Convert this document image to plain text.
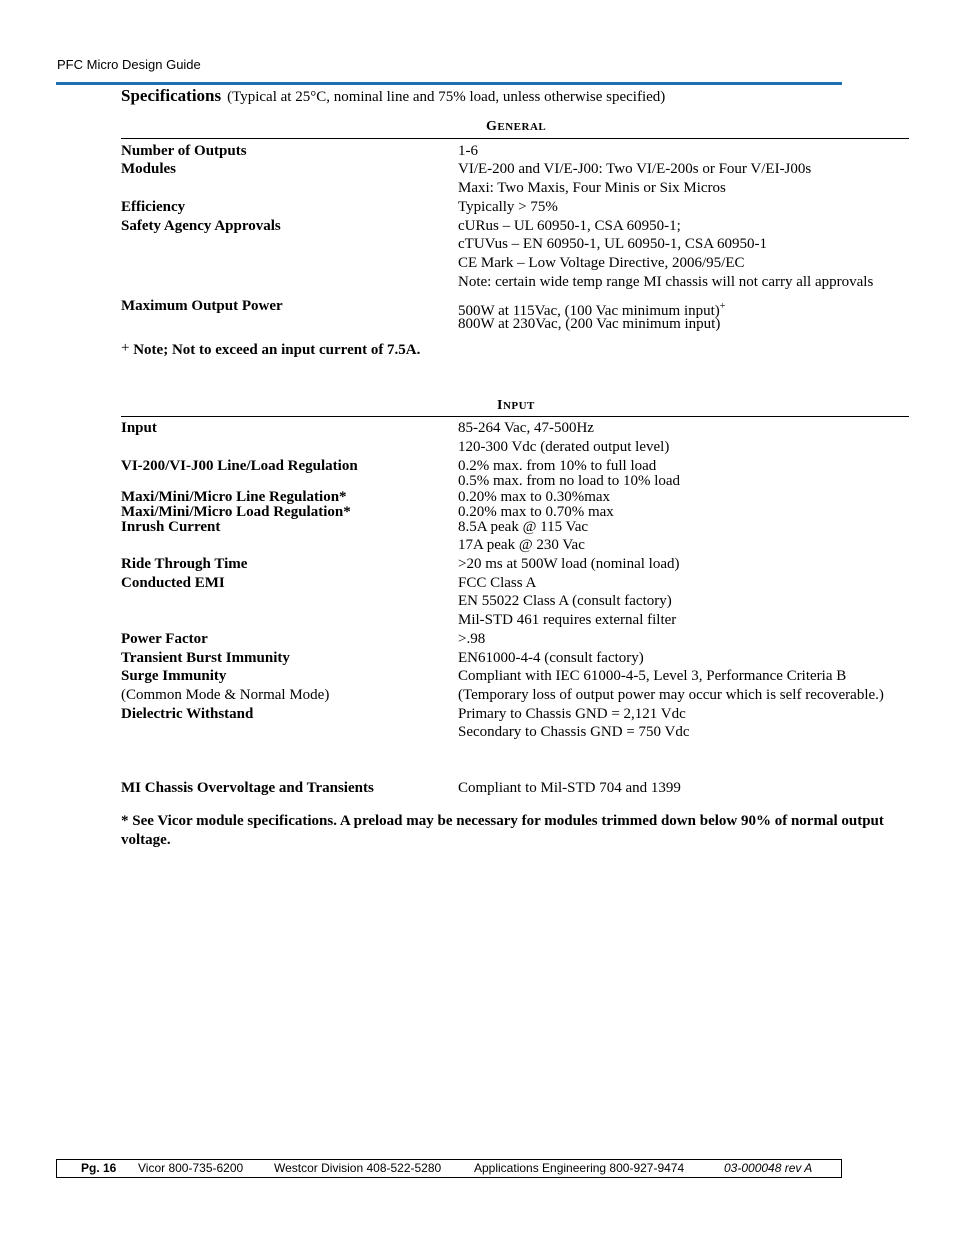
PFC Micro Design Guide
Specifications (Typical at 25°C, nominal line and 75% load, unless otherwise specified)
GENERAL
Number of Outputs	1-6
Modules	VI/E-200 and VI/E-J00: Two VI/E-200s or Four V/EI-J00s
Maxi: Two Maxis, Four Minis or Six Micros
Efficiency	Typically > 75%
Safety Agency Approvals	cURus – UL 60950-1, CSA 60950-1;
cTUVus – EN 60950-1, UL 60950-1, CSA 60950-1
CE Mark – Low Voltage Directive, 2006/95/EC
Note: certain wide temp range MI chassis will not carry all approvals
Maximum Output Power	500W at 115Vac, (100 Vac minimum input)+
800W at 230Vac, (200 Vac minimum input)
+ Note; Not to exceed an input current of 7.5A.
INPUT
Input	85-264 Vac, 47-500Hz
120-300 Vdc (derated output level)
VI-200/VI-J00 Line/Load Regulation	0.2% max. from 10% to full load
0.5% max. from no load to 10% load
Maxi/Mini/Micro Line Regulation*	0.20% max to 0.30%max
Maxi/Mini/Micro Load Regulation*	0.20% max to 0.70% max
Inrush Current	8.5A peak @ 115 Vac
17A peak @ 230 Vac
Ride Through Time	>20 ms at 500W load (nominal load)
Conducted EMI	FCC Class A
EN 55022 Class A (consult factory)
Mil-STD 461 requires external filter
Power Factor	>.98
Transient Burst Immunity	EN61000-4-4 (consult factory)
Surge Immunity	Compliant with IEC 61000-4-5, Level 3, Performance Criteria B
(Common Mode & Normal Mode)	(Temporary loss of output power may occur which is self recoverable.)
Dielectric Withstand	Primary to Chassis GND = 2,121 Vdc
Secondary to Chassis GND = 750 Vdc
MI Chassis Overvoltage and Transients	Compliant to Mil-STD 704 and 1399
* See Vicor module specifications. A preload may be necessary for modules trimmed down below 90% of normal output voltage.
Pg. 16 Vicor 800-735-6200	Westcor Division 408-522-5280	Applications Engineering 800-927-9474	03-000048 rev A
